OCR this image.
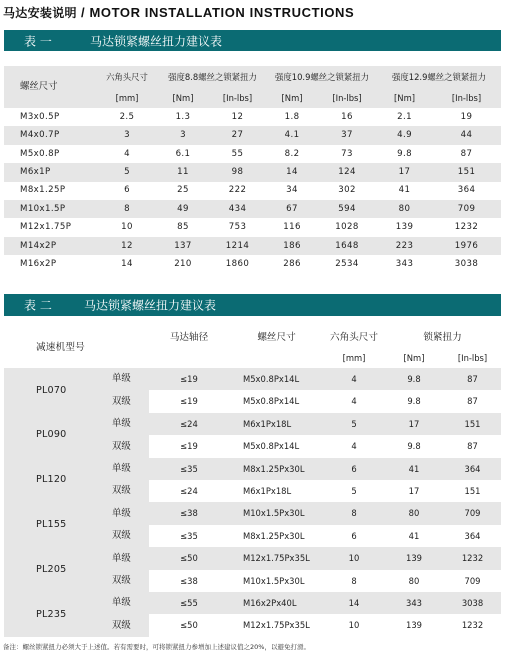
马达安装说明 / MOTOR INSTALLATION INSTRUCTIONS
表 一	马达锁紧螺丝扭力建议表
螺丝尺寸	六角头尺寸	强度8.8螺丝之锁紧扭力		强度10.9螺丝之锁紧扭力		强度12.9螺丝之锁紧扭力	
	[mm]	[Nm]	[In-lbs]	[Nm]	[In-lbs]	[Nm]	[In-lbs]
M3x0.5P	2.5	1.3	12	1.8	16	2.1	19
M4x0.7P	3	3	27	4.1	37	4.9	44
M5x0.8P	4	6.1	55	8.2	73	9.8	87
M6x1P	5	11	98	14	124	17	151
M8x1.25P	6	25	222	34	302	41	364
M10x1.5P	8	49	434	67	594	80	709
M12x1.75P	10	85	753	116	1028	139	1232
M14x2P	12	137	1214	186	1648	223	1976
M16x2P	14	210	1860	286	2534	343	3038
表 二	马达锁紧螺丝扭力建议表
减速机型号		马达轴径	螺丝尺寸	六角头尺寸	锁紧扭力	
				[mm]	[Nm]	[In-lbs]
PL070	单级	≤19	M5x0.8Px14L	4	9.8	87
	双级	≤19	M5x0.8Px14L	4	9.8	87
PL090	单级	≤24	M6x1Px18L	5	17	151
	双级	≤19	M5x0.8Px14L	4	9.8	87
PL120	单级	≤35	M8x1.25Px30L	6	41	364
	双级	≤24	M6x1Px18L	5	17	151
PL155	单级	≤38	M10x1.5Px30L	8	80	709
	双级	≤35	M8x1.25Px30L	6	41	364
PL205	单级	≤50	M12x1.75Px35L	10	139	1232
	双级	≤38	M10x1.5Px30L	8	80	709
PL235	单级	≤55	M16x2Px40L	14	343	3038
	双级	≤50	M12x1.75Px35L	10	139	1232
备注：螺丝锁紧扭力必须大于上述值。若有需要时，可将锁紧扭力参增加上述建议值之20%，以避免打滑。
